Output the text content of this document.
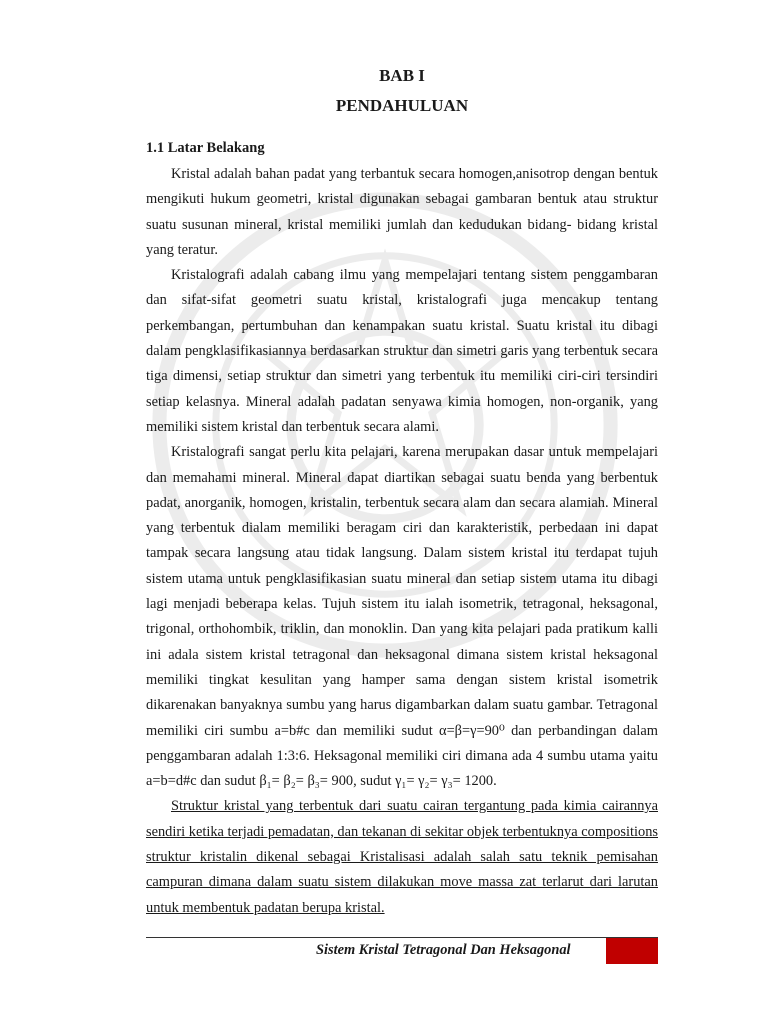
BAB I
PENDAHULUAN
1.1 Latar Belakang

Kristal adalah bahan padat yang terbantuk secara homogen,anisotrop dengan bentuk mengikuti hukum geometri, kristal digunakan sebagai gambaran bentuk atau struktur suatu susunan mineral, kristal memiliki jumlah dan kedudukan bidang- bidang kristal yang teratur.

Kristalografi adalah cabang ilmu yang mempelajari tentang sistem penggambaran dan sifat-sifat geometri suatu kristal, kristalografi juga mencakup tentang perkembangan, pertumbuhan dan kenampakan suatu kristal. Suatu kristal itu dibagi dalam pengklasifikasiannya berdasarkan struktur dan simetri garis yang terbentuk secara tiga dimensi, setiap struktur dan simetri yang terbentuk itu memiliki ciri-ciri tersindiri setiap kelasnya. Mineral adalah padatan senyawa kimia homogen, non-organik, yang memiliki sistem kristal dan terbentuk secara alami.

Kristalografi sangat perlu kita pelajari, karena merupakan dasar untuk mempelajari dan memahami mineral. Mineral dapat diartikan sebagai suatu benda yang berbentuk padat, anorganik, homogen, kristalin, terbentuk secara alam dan secara alamiah. Mineral yang terbentuk dialam memiliki beragam ciri dan karakteristik, perbedaan ini dapat tampak secara langsung atau tidak langsung. Dalam sistem kristal itu terdapat tujuh sistem utama untuk pengklasifikasian suatu mineral dan setiap sistem utama itu dibagi lagi menjadi beberapa kelas. Tujuh sistem itu ialah isometrik, tetragonal, heksagonal, trigonal, orthohombik, triklin, dan monoklin. Dan yang kita pelajari pada pratikum kalli ini adala sistem kristal tetragonal dan heksagonal dimana sistem kristal heksagonal memiliki tingkat kesulitan yang hamper sama dengan sistem kristal isometrik dikarenakan banyaknya sumbu yang harus digambarkan dalam suatu gambar. Tetragonal memiliki ciri sumbu a=b#c dan memiliki sudut α=β=γ=90⁰ dan perbandingan dalam penggambaran adalah 1:3:6. Heksagonal memiliki ciri dimana ada 4 sumbu utama yaitu a=b=d#c dan sudut β₁= β₂= β₃= 900, sudut γ₁= γ₂= γ₃= 1200.

Struktur kristal yang terbentuk dari suatu cairan tergantung pada kimia cairannya sendiri ketika terjadi pemadatan, dan tekanan di sekitar objek terbentuknya compositions struktur kristalin dikenal sebagai Kristalisasi adalah salah satu teknik pemisahan campuran dimana dalam suatu sistem dilakukan move massa zat terlarut dari larutan untuk membentuk padatan berupa kristal.

Sistem Kristal Tetragonal Dan Heksagonal
